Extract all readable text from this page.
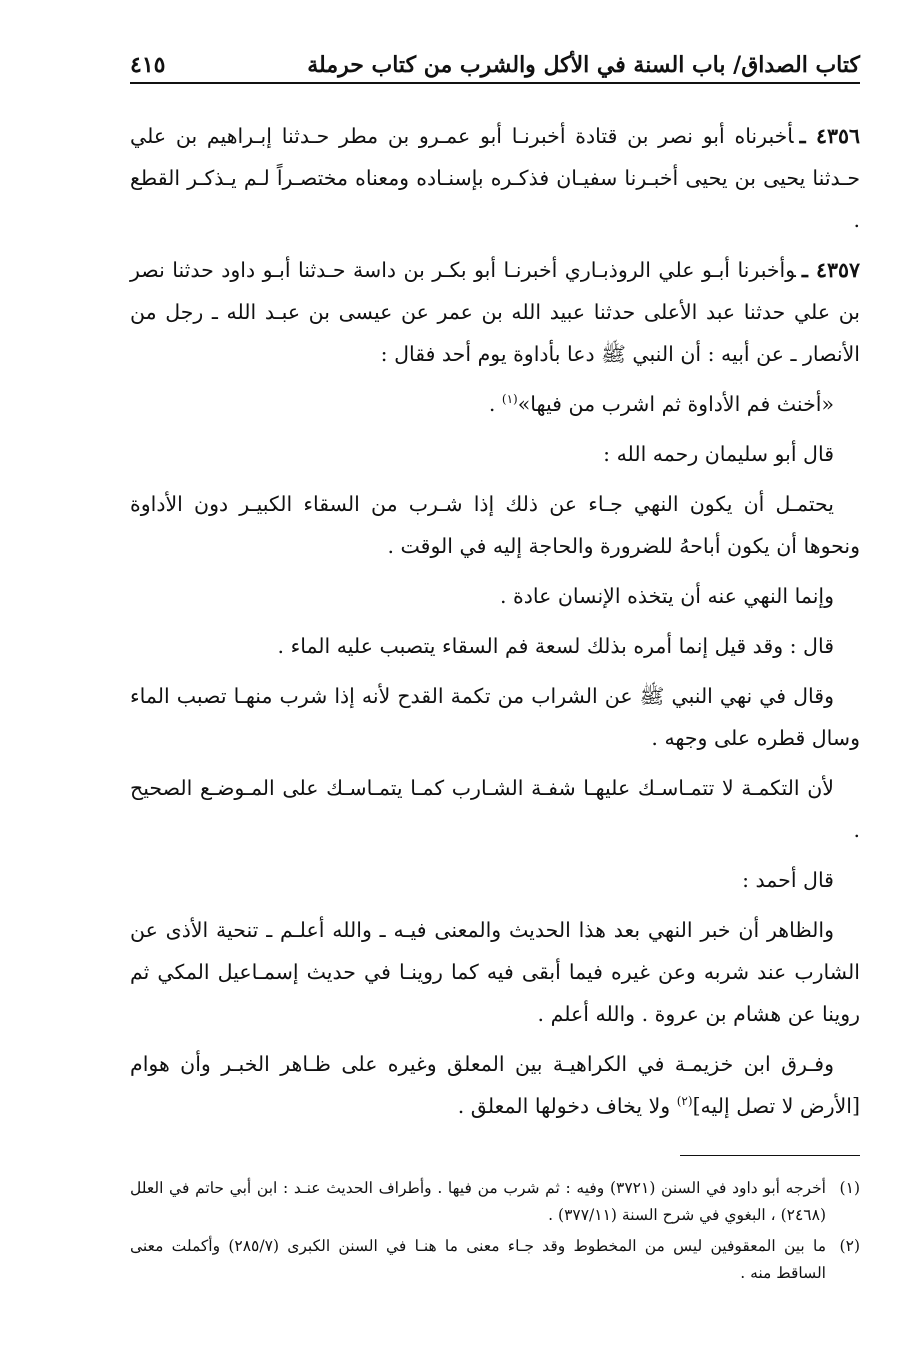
كتاب الصداق/ باب السنة في الأكل والشرب من كتاب حرملة
٤١٥

٤٣٥٦ ـأخبرناه أبو نصر بن قتادة أخبرنـا أبو عمـرو بن مطر حـدثنا إبـراهيم بن علي حـدثنا يحيى بن يحيى أخبـرنا سفيـان فذكـره بإسنـاده ومعناه مختصـراً لـم يـذكـر القطع .

٤٣٥٧ ـوأخبرنا أبـو علي الروذبـاري أخبرنـا أبو بكـر بن داسة حـدثنا أبـو داود حدثنا نصر بن علي حدثنا عبد الأعلى حدثنا عبيد الله بن عمر عن عيسى بن عبـد الله ـ رجل من الأنصار ـ عن أبيه : أن النبي ﷺ دعا بأداوة يوم أحد فقال :

«أخنث فم الأداوة ثم اشرب من فيها»$^{(١)}$ .

قال أبو سليمان رحمه الله :

يحتمـل أن يكون النهي جـاء عن ذلك إذا شـرب من السقاء الكبيـر دون الأداوة ونحوها أن يكون أباحهُ للضرورة والحاجة إليه في الوقت .

وإنما النهي عنه أن يتخذه الإنسان عادة .

قال : وقد قيل إنما أمره بذلك لسعة فم السقاء يتصبب عليه الماء .

وقال في نهي النبي ﷺ عن الشراب من تكمة القدح لأنه إذا شرب منهـا تصبب الماء وسال قطره على وجهه .

لأن التكمـة لا تتمـاسـك عليهـا شفـة الشـارب كمـا يتمـاسـك على المـوضـع الصحيح .

قال أحمد :

والظاهر أن خبر النهي بعد هذا الحديث والمعنى فيـه ـ والله أعلـم ـ تنحية الأذى عن الشارب عند شربه وعن غيره فيما أبقى فيه كما روينـا في حديث إسمـاعيل المكي ثم روينا عن هشام بن عروة . والله أعلم .

وفـرق ابن خزيمـة في الكراهيـة بين المعلق وغيره على ظـاهر الخبـر وأن هوام [الأرض لا تصل إليه]$^{(٢)}$ ولا يخاف دخولها المعلق .

(١)
أخرجه أبو داود في السنن (٣٧٢١) وفيه : ثم شرب من فيها . وأطراف الحديث عنـد : ابن أبي حاتم في العلل (٢٤٦٨) ، البغوي في شرح السنة (٣٧٧/١١) .
(٢)
ما بين المعقوفين ليس من المخطوط وقد جـاء معنى ما هنـا في السنن الكبرى (٢٨٥/٧) وأكملت معنى الساقط منه .
